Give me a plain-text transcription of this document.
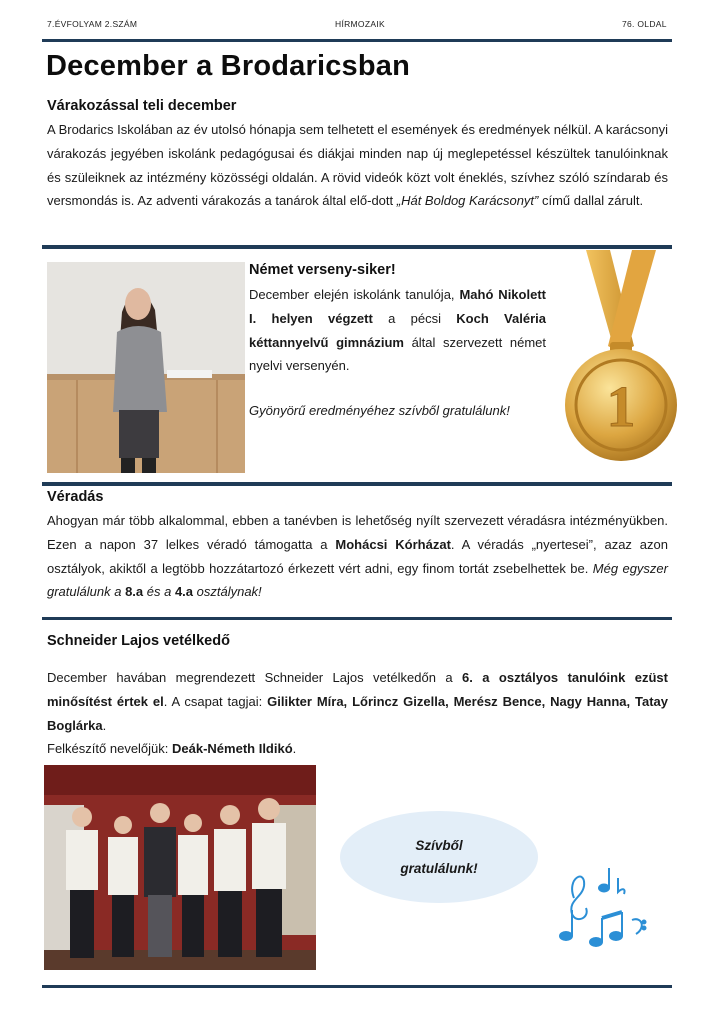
7.ÉVFOLYAM 2.SZÁM	HÍRMOZAIK	76. OLDAL
December a Brodaricsban
Várakozással teli december

A Brodarics Iskolában az év utolsó hónapja sem telhetett el események és eredmények nélkül. A karácsonyi várakozás jegyében iskolánk pedagógusai és diákjai minden nap új meglepetéssel készültek tanulóinknak és szüleiknek az intézmény közösségi oldalán. A rövid videók közt volt éneklés, szívhez szóló színdarab és versmondás is. Az adventi várakozás a tanárok által elő-dott „Hát Boldog Karácsonyt” című dallal zárult.

Német verseny-siker!

December elején iskolánk tanulója, Mahó Nikolett I. helyen végzett a pécsi Koch Valéria kéttannyelvű gimnázium által szervezett német nyelvi versenyén.

Gyönyörű eredményéhez szívből gratulálunk!	1
Véradás

Ahogyan már több alkalommal, ebben a tanévben is lehetőség nyílt szervezett véradásra intézményükben. Ezen a napon 37 lelkes véradó támogatta a Mohácsi Kórházat. A véradás „nyertesei”, azaz azon osztályok, akiktől a legtöbb hozzátartozó érkezett vért adni, egy finom tortát zsebelhettek be. Még egyszer gratulálunk a 8.a és a 4.a osztálynak!

Schneider Lajos vetélkedő

December havában megrendezett Schneider Lajos vetélkedőn a 6. a osztályos tanulóink ezüst minősítést értek el. A csapat tagjai: Gilikter Míra, Lőrincz Gizella, Merész Bence, Nagy Hanna, Tatay Boglárka.
Felkészítő nevelőjük: Deák-Németh Ildikó.

Szívből
gratulálunk!
